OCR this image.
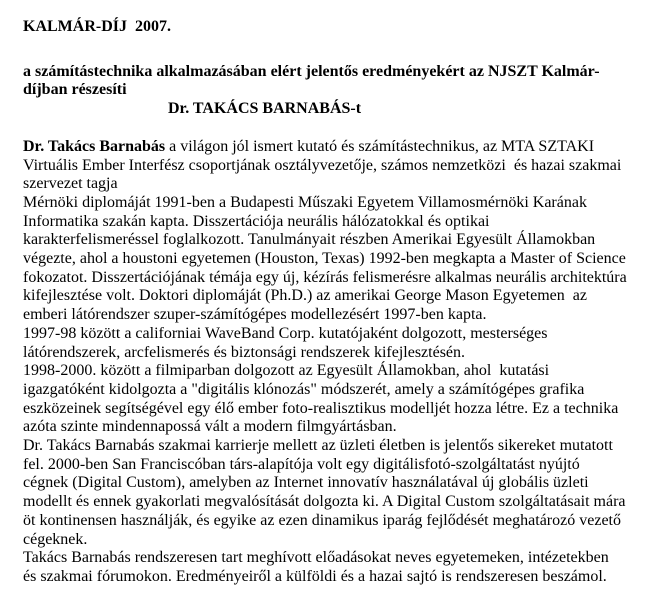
KALMÁR-DÍJ  2007.
a számítástechnika alkalmazásában elért jelentős eredményekért az NJSZT Kalmár-
díjban részesíti
Dr. TAKÁCS BARNABÁS-t
Dr. Takács Barnabás a világon jól ismert kutató és számítástechnikus, az MTA SZTAKI
Virtuális Ember Interfész csoportjának osztályvezetője, számos nemzetközi  és hazai szakmai
szervezet tagja
Mérnöki diplomáját 1991-ben a Budapesti Műszaki Egyetem Villamosmérnöki Karának
Informatika szakán kapta. Disszertációja neurális hálózatokkal és optikai
karakterfelismeréssel foglalkozott. Tanulmányait részben Amerikai Egyesült Államokban
végezte, ahol a houstoni egyetemen (Houston, Texas) 1992-ben megkapta a Master of Science
fokozatot. Disszertációjának témája egy új, kézírás felismerésre alkalmas neurális architektúra
kifejlesztése volt. Doktori diplomáját (Ph.D.) az amerikai George Mason Egyetemen  az
emberi látórendszer szuper-számítógépes modellezésért 1997-ben kapta.
1997-98 között a californiai WaveBand Corp. kutatójaként dolgozott, mesterséges
látórendszerek, arcfelismerés és biztonsági rendszerek kifejlesztésén.
1998-2000. között a filmiparban dolgozott az Egyesült Államokban, ahol  kutatási
igazgatóként kidolgozta a "digitális klónozás" módszerét, amely a számítógépes grafika
eszközeinek segítségével egy élő ember foto-realisztikus modelljét hozza létre. Ez a technika
azóta szinte mindennapossá vált a modern filmgyártásban.
Dr. Takács Barnabás szakmai karrierje mellett az üzleti életben is jelentős sikereket mutatott
fel. 2000-ben San Franciscóban társ-alapítója volt egy digitálisfotó-szolgáltatást nyújtó
cégnek (Digital Custom), amelyben az Internet innovatív használatával új globális üzleti
modellt és ennek gyakorlati megvalósítását dolgozta ki. A Digital Custom szolgáltatásait mára
öt kontinensen használják, és egyike az ezen dinamikus iparág fejlődését meghatározó vezető
cégeknek.
Takács Barnabás rendszeresen tart meghívott előadásokat neves egyetemeken, intézetekben
és szakmai fórumokon. Eredményeiről a külföldi és a hazai sajtó is rendszeresen beszámol.
